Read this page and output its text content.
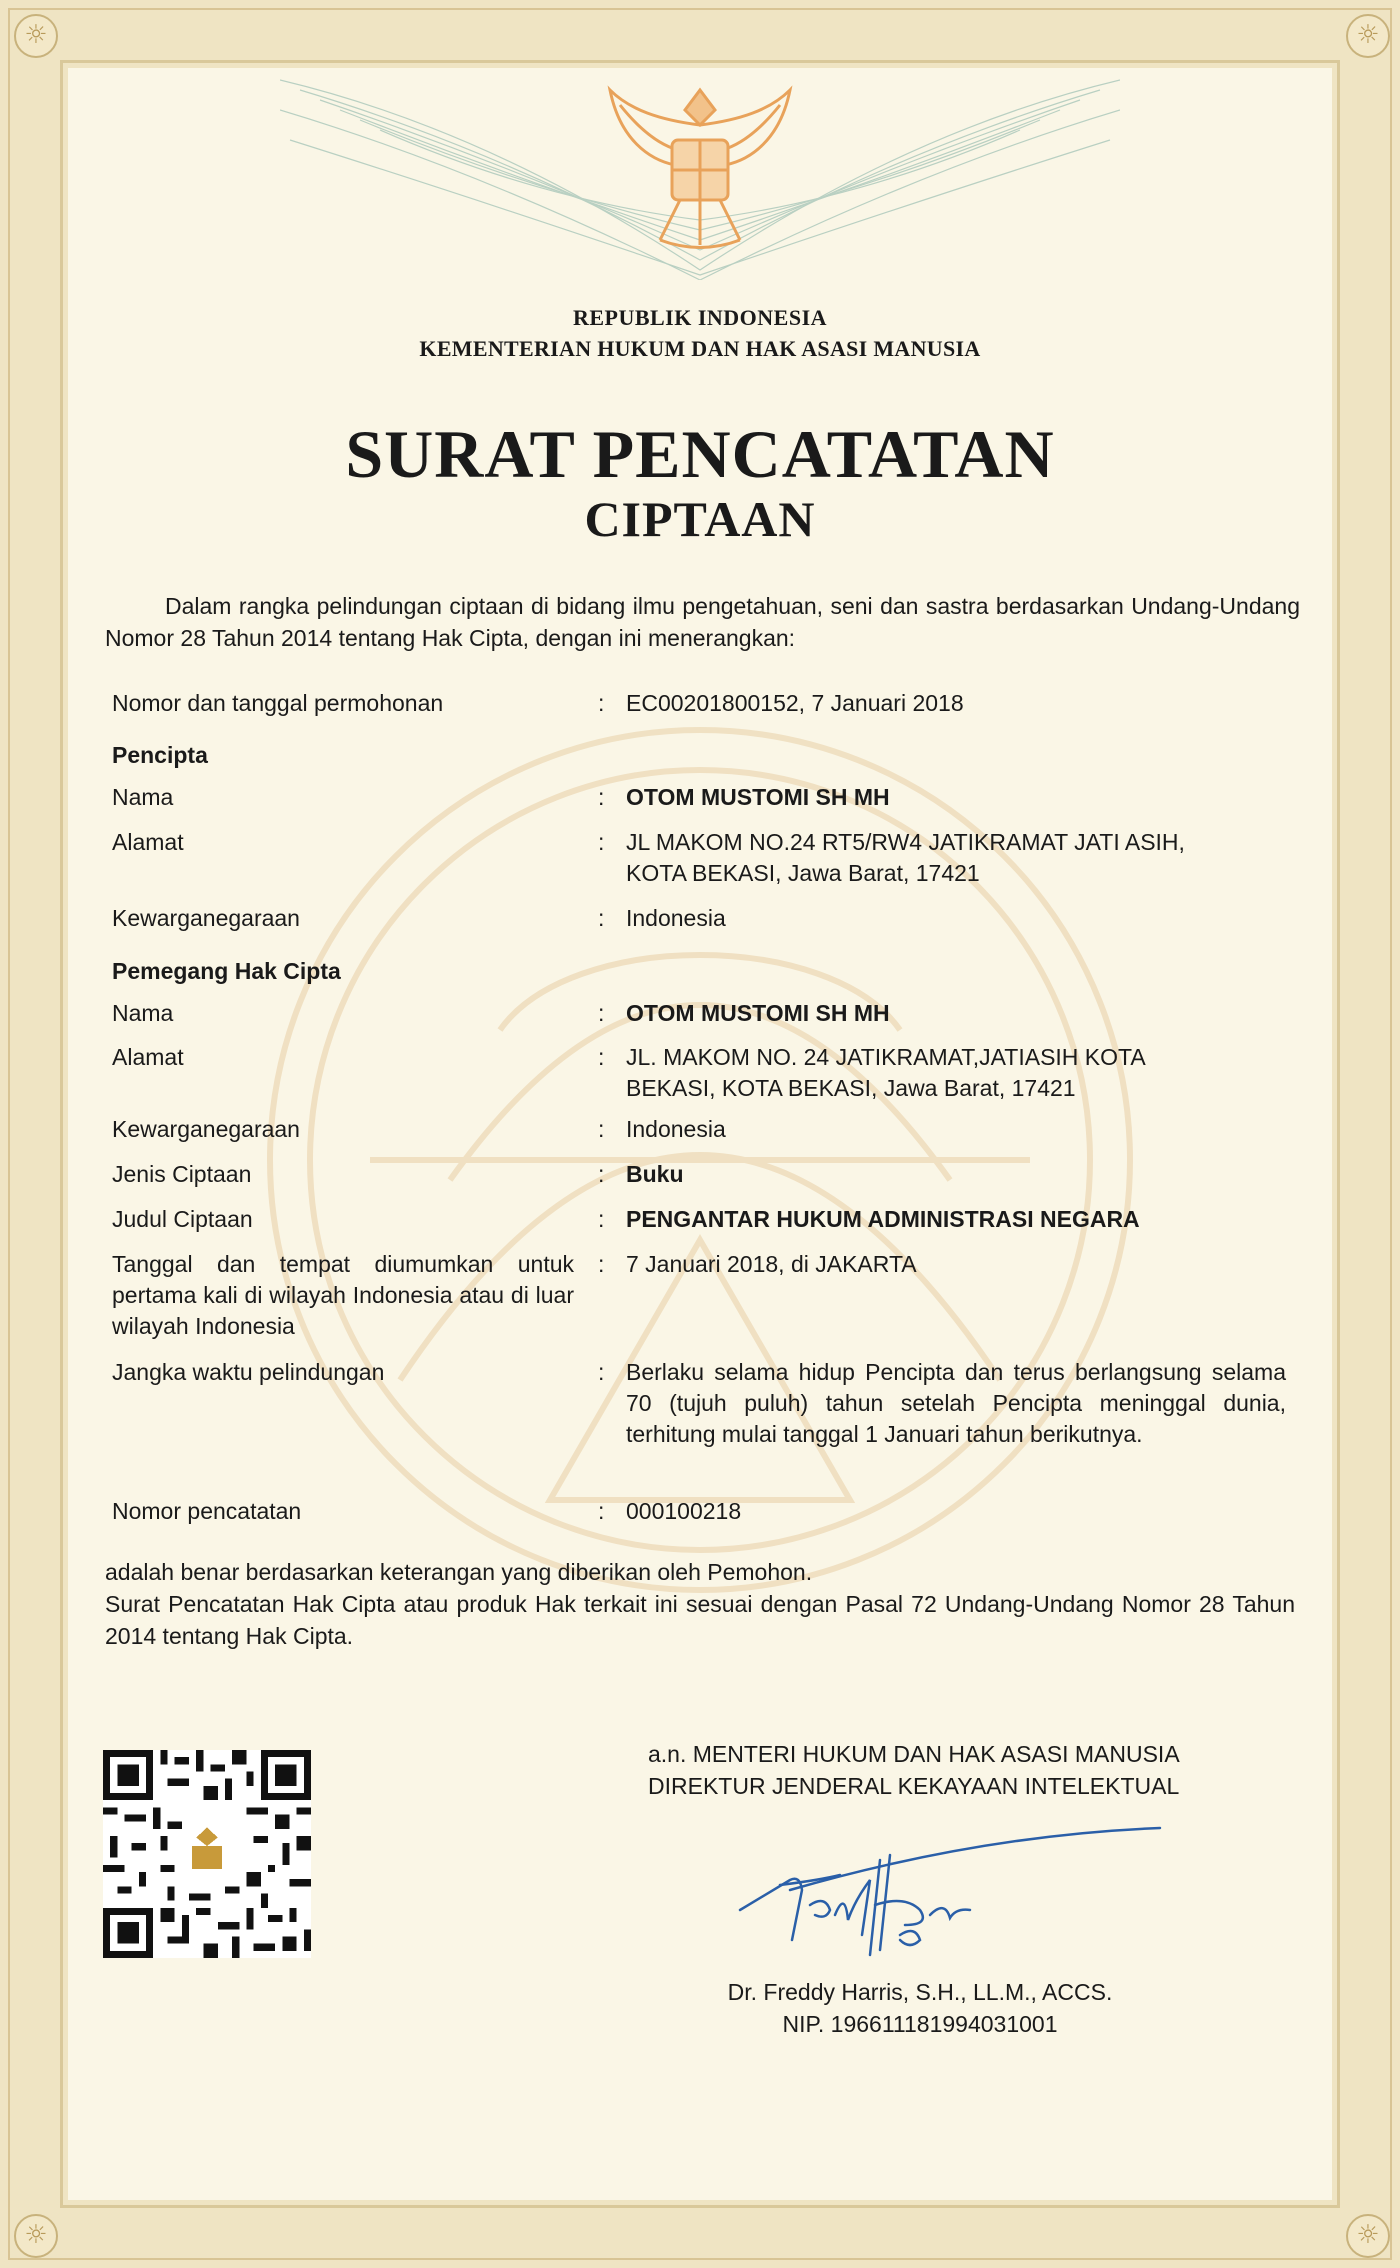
☼	☼
☼	☼
REPUBLIK INDONESIA
KEMENTERIAN HUKUM DAN HAK ASASI MANUSIA
SURAT PENCATATAN
CIPTAAN
Dalam rangka pelindungan ciptaan di bidang ilmu pengetahuan, seni dan sastra berdasarkan Undang-Undang Nomor 28 Tahun 2014 tentang Hak Cipta, dengan ini menerangkan:
Nomor dan tanggal permohonan	: EC00201800152, 7 Januari 2018
Pencipta
Nama	: OTOM MUSTOMI SH MH
Alamat	: JL MAKOM NO.24 RT5/RW4 JATIKRAMAT JATI ASIH,
KOTA BEKASI, Jawa Barat, 17421
Kewarganegaraan	: Indonesia
Pemegang Hak Cipta
Nama	: OTOM MUSTOMI SH MH
Alamat	: JL. MAKOM NO. 24 JATIKRAMAT,JATIASIH KOTA
BEKASI, KOTA BEKASI, Jawa Barat, 17421
Kewarganegaraan	: Indonesia
Jenis Ciptaan	: Buku
Judul Ciptaan	: PENGANTAR HUKUM ADMINISTRASI NEGARA
Tanggal dan tempat diumumkan untuk pertama kali di wilayah Indonesia atau di luar wilayah Indonesia
: 7 Januari 2018, di JAKARTA
Jangka waktu pelindungan	: Berlaku selama hidup Pencipta dan terus berlangsung selama 70 (tujuh puluh) tahun setelah Pencipta meninggal dunia, terhitung mulai tanggal 1 Januari tahun berikutnya.
Nomor pencatatan	: 000100218
adalah benar berdasarkan keterangan yang diberikan oleh Pemohon.
Surat Pencatatan Hak Cipta atau produk Hak terkait ini sesuai dengan Pasal 72 Undang-Undang Nomor 28 Tahun 2014 tentang Hak Cipta.
a.n. MENTERI HUKUM DAN HAK ASASI MANUSIA
DIREKTUR JENDERAL KEKAYAAN INTELEKTUAL
Dr. Freddy Harris, S.H., LL.M., ACCS.
NIP. 196611181994031001
